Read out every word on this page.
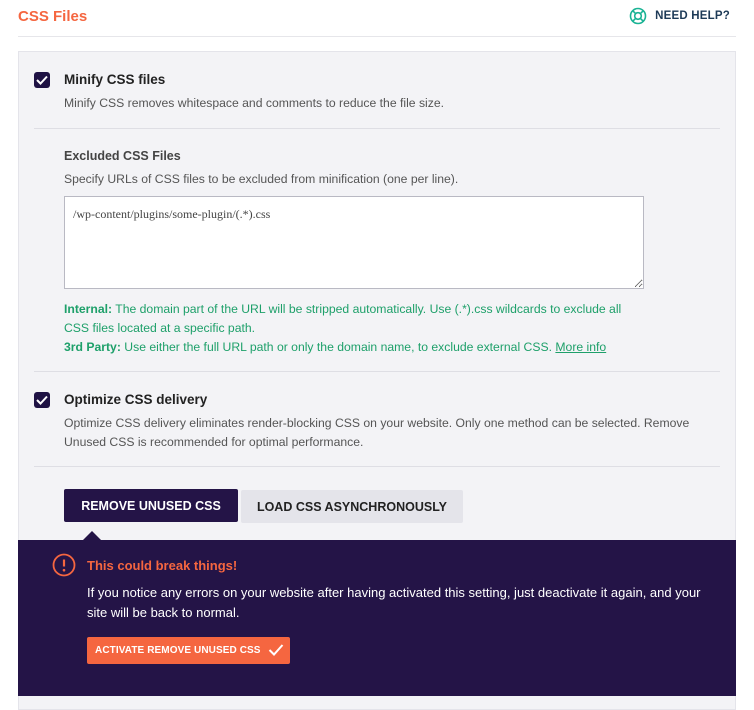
CSS Files	NEED HELP?
Minify CSS files
Minify CSS removes whitespace and comments to reduce the file size.
Excluded CSS Files
Specify URLs of CSS files to be excluded from minification (one per line).
/wp-content/plugins/some-plugin/(.*).css
Internal: The domain part of the URL will be stripped automatically. Use (.*).css wildcards to exclude all CSS files located at a specific path.
3rd Party: Use either the full URL path or only the domain name, to exclude external CSS. More info
Optimize CSS delivery
Optimize CSS delivery eliminates render-blocking CSS on your website. Only one method can be selected. Remove Unused CSS is recommended for optimal performance.
REMOVE UNUSED CSS	LOAD CSS ASYNCHRONOUSLY
This could break things!
If you notice any errors on your website after having activated this setting, just deactivate it again, and your site will be back to normal.
ACTIVATE REMOVE UNUSED CSS
